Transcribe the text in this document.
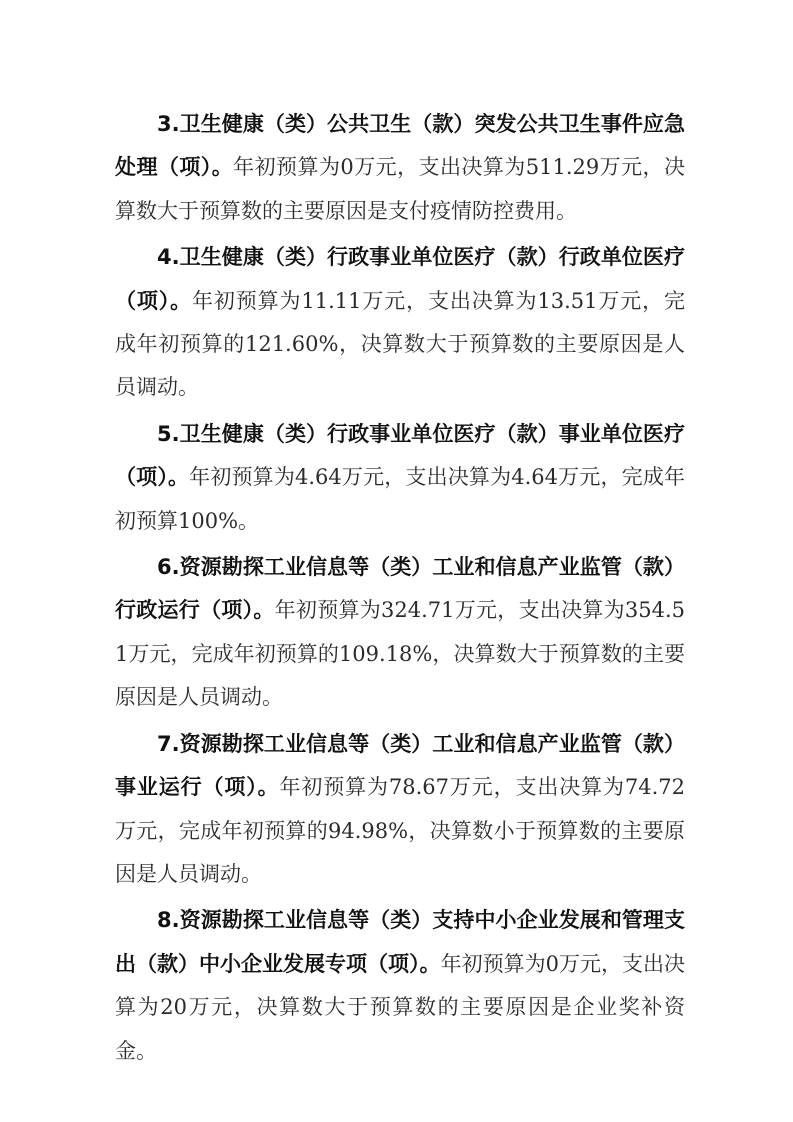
3.卫生健康（类）公共卫生（款）突发公共卫生事件应急处理（项）。年初预算为0万元，支出决算为511.29万元，决算数大于预算数的主要原因是支付疫情防控费用。

4.卫生健康（类）行政事业单位医疗（款）行政单位医疗（项）。年初预算为11.11万元，支出决算为13.51万元，完成年初预算的121.60%，决算数大于预算数的主要原因是人员调动。

5.卫生健康（类）行政事业单位医疗（款）事业单位医疗（项）。年初预算为4.64万元，支出决算为4.64万元，完成年初预算100%。

6.资源勘探工业信息等（类）工业和信息产业监管（款）行政运行（项）。年初预算为324.71万元，支出决算为354.51万元，完成年初预算的109.18%，决算数大于预算数的主要原因是人员调动。

7.资源勘探工业信息等（类）工业和信息产业监管（款）事业运行（项）。年初预算为78.67万元，支出决算为74.72万元，完成年初预算的94.98%，决算数小于预算数的主要原因是人员调动。

8.资源勘探工业信息等（类）支持中小企业发展和管理支出（款）中小企业发展专项（项）。年初预算为0万元，支出决算为20万元，决算数大于预算数的主要原因是企业奖补资金。
